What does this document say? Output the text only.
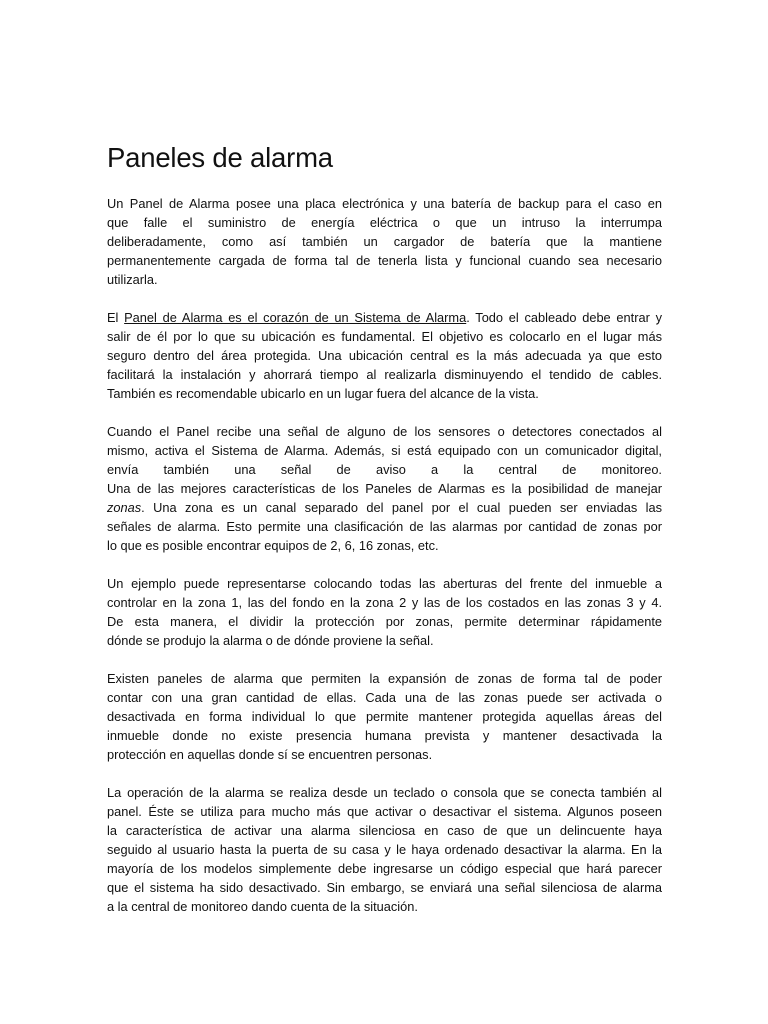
Paneles de alarma

Un Panel de Alarma posee una placa electrónica y una batería de backup para el caso en
que falle el suministro de energía eléctrica o que un intruso la interrumpa
deliberadamente, como así también un cargador de batería que la mantiene
permanentemente cargada de forma tal de tenerla lista y funcional cuando sea necesario
utilizarla.

El Panel de Alarma es el corazón de un Sistema de Alarma. Todo el cableado debe entrar y
salir de él por lo que su ubicación es fundamental. El objetivo es colocarlo en el lugar más
seguro dentro del área protegida. Una ubicación central es la más adecuada ya que esto
facilitará la instalación y ahorrará tiempo al realizarla disminuyendo el tendido de cables.
También es recomendable ubicarlo en un lugar fuera del alcance de la vista.

Cuando el Panel recibe una señal de alguno de los sensores o detectores conectados al
mismo, activa el Sistema de Alarma. Además, si está equipado con un comunicador digital,
envía también una señal de aviso a la central de monitoreo.
Una de las mejores características de los Paneles de Alarmas es la posibilidad de manejar
zonas. Una zona es un canal separado del panel por el cual pueden ser enviadas las
señales de alarma. Esto permite una clasificación de las alarmas por cantidad de zonas por
lo que es posible encontrar equipos de 2, 6, 16 zonas, etc.

Un ejemplo puede representarse colocando todas las aberturas del frente del inmueble a
controlar en la zona 1, las del fondo en la zona 2 y las de los costados en las zonas 3 y 4.
De esta manera, el dividir la protección por zonas, permite determinar rápidamente
dónde se produjo la alarma o de dónde proviene la señal.

Existen paneles de alarma que permiten la expansión de zonas de forma tal de poder
contar con una gran cantidad de ellas. Cada una de las zonas puede ser activada o
desactivada en forma individual lo que permite mantener protegida aquellas áreas del
inmueble donde no existe presencia humana prevista y mantener desactivada la
protección en aquellas donde sí se encuentren personas.

La operación de la alarma se realiza desde un teclado o consola que se conecta también al
panel. Éste se utiliza para mucho más que activar o desactivar el sistema. Algunos poseen
la característica de activar una alarma silenciosa en caso de que un delincuente haya
seguido al usuario hasta la puerta de su casa y le haya ordenado desactivar la alarma. En la
mayoría de los modelos simplemente debe ingresarse un código especial que hará parecer
que el sistema ha sido desactivado. Sin embargo, se enviará una señal silenciosa de alarma
a la central de monitoreo dando cuenta de la situación.
